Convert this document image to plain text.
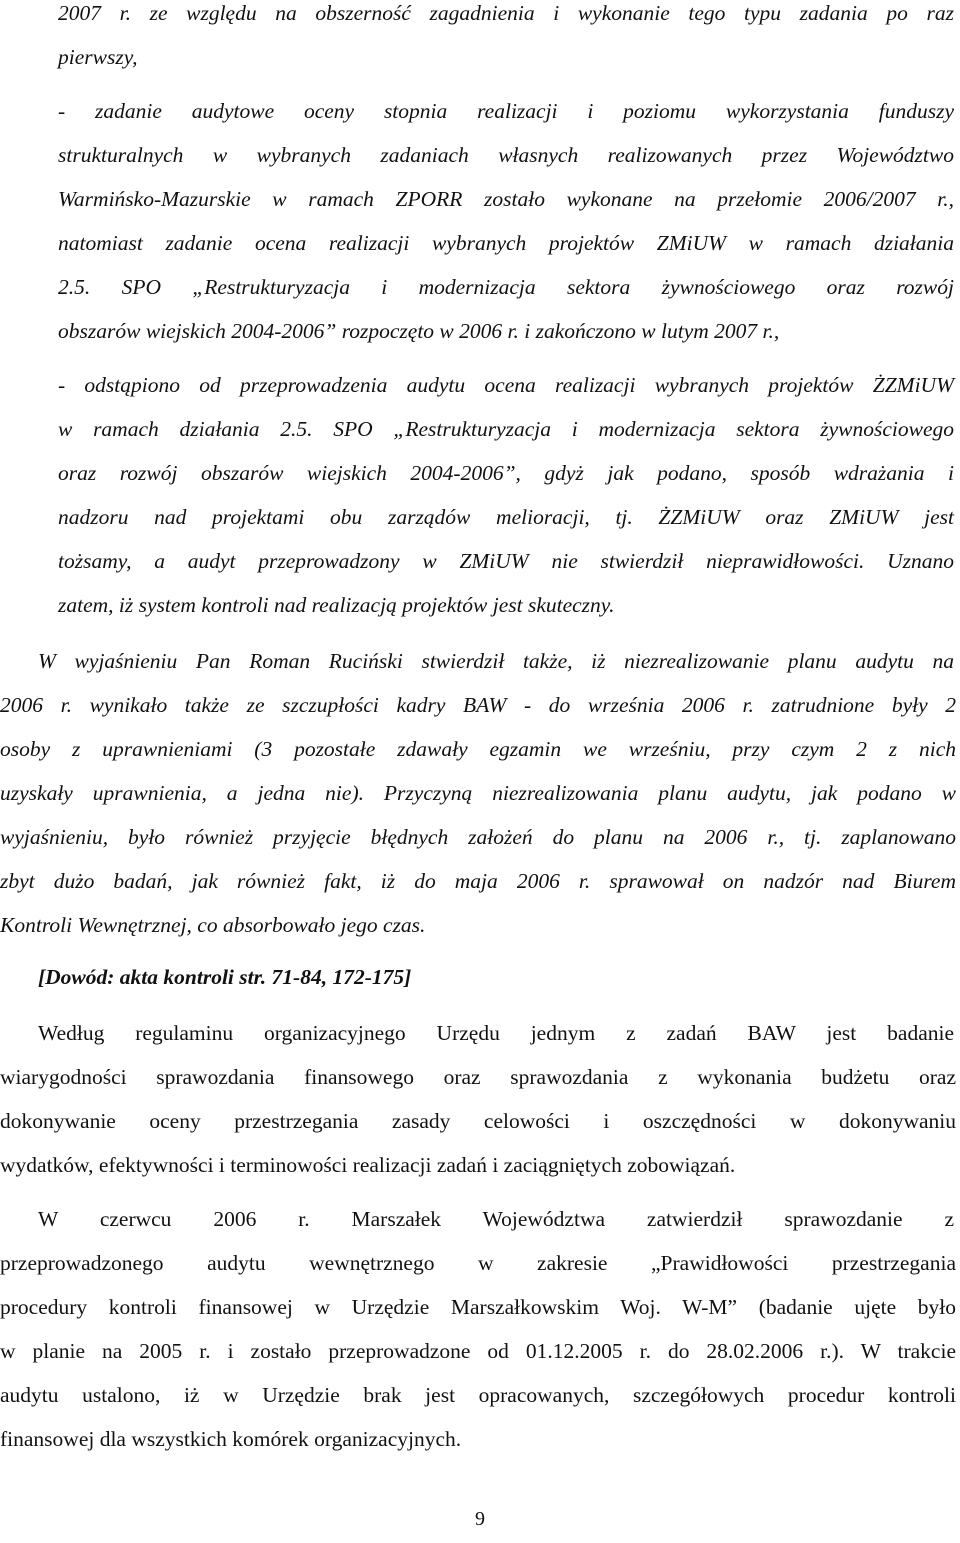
2007 r. ze względu na obszerność zagadnienia i wykonanie tego typu zadania po raz
pierwszy,
- zadanie audytowe oceny stopnia realizacji i poziomu wykorzystania funduszy
strukturalnych w wybranych zadaniach własnych realizowanych przez Województwo
Warmińsko-Mazurskie w ramach ZPORR zostało wykonane na przełomie 2006/2007 r.,
natomiast zadanie ocena realizacji wybranych projektów ZMiUW w ramach działania
2.5. SPO „Restrukturyzacja i modernizacja sektora żywnościowego oraz rozwój
obszarów wiejskich 2004-2006” rozpoczęto w 2006 r. i zakończono w lutym 2007 r.,
- odstąpiono od przeprowadzenia audytu ocena realizacji wybranych projektów ŻZMiUW
w ramach działania 2.5. SPO „Restrukturyzacja i modernizacja sektora żywnościowego
oraz rozwój obszarów wiejskich 2004-2006”, gdyż jak podano, sposób wdrażania i
nadzoru nad projektami obu zarządów melioracji, tj. ŻZMiUW oraz ZMiUW jest
tożsamy, a audyt przeprowadzony w ZMiUW nie stwierdził nieprawidłowości. Uznano
zatem, iż system kontroli nad realizacją projektów jest skuteczny.
W wyjaśnieniu Pan Roman Ruciński stwierdził także, iż niezrealizowanie planu audytu na
2006 r. wynikało także ze szczupłości kadry BAW - do września 2006 r. zatrudnione były 2
osoby z uprawnieniami (3 pozostałe zdawały egzamin we wrześniu, przy czym 2 z nich
uzyskały uprawnienia, a jedna nie). Przyczyną niezrealizowania planu audytu, jak podano w
wyjaśnieniu, było również przyjęcie błędnych założeń do planu na 2006 r., tj. zaplanowano
zbyt dużo badań, jak również fakt, iż do maja 2006 r. sprawował on nadzór nad Biurem
Kontroli Wewnętrznej, co absorbowało jego czas.
[Dowód: akta kontroli str. 71-84, 172-175]
Według regulaminu organizacyjnego Urzędu jednym z zadań BAW jest badanie
wiarygodności sprawozdania finansowego oraz sprawozdania z wykonania budżetu oraz
dokonywanie oceny przestrzegania zasady celowości i oszczędności w dokonywaniu
wydatków, efektywności i terminowości realizacji zadań i zaciągniętych zobowiązań.
W czerwcu 2006 r. Marszałek Województwa zatwierdził sprawozdanie z
przeprowadzonego audytu wewnętrznego w zakresie „Prawidłowości przestrzegania
procedury kontroli finansowej w Urzędzie Marszałkowskim Woj. W-M” (badanie ujęte było
w planie na 2005 r. i zostało przeprowadzone od 01.12.2005 r. do 28.02.2006 r.). W trakcie
audytu ustalono, iż w Urzędzie brak jest opracowanych, szczegółowych procedur kontroli
finansowej dla wszystkich komórek organizacyjnych.
9
